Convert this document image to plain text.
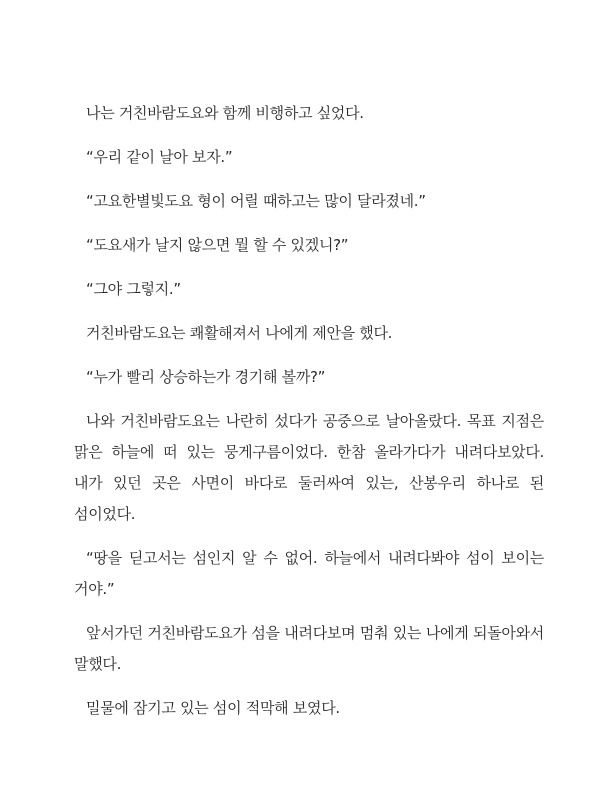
나는 거친바람도요와 함께 비행하고 싶었다.

“우리 같이 날아 보자.”

“고요한별빛도요 형이 어릴 때하고는 많이 달라졌네.”

“도요새가 날지 않으면 뭘 할 수 있겠니?”

“그야 그렇지.”

거친바람도요는 쾌활해져서 나에게 제안을 했다.

“누가 빨리 상승하는가 경기해 볼까?”

나와 거친바람도요는 나란히 섰다가 공중으로 날아올랐다. 목표 지점은 맑은 하늘에 떠 있는 뭉게구름이었다. 한참 올라가다가 내려다보았다. 내가 있던 곳은 사면이 바다로 둘러싸여 있는, 산봉우리 하나로 된 섬이었다.

“땅을 딛고서는 섬인지 알 수 없어. 하늘에서 내려다봐야 섬이 보이는 거야.”

앞서가던 거친바람도요가 섬을 내려다보며 멈춰 있는 나에게 되돌아와서 말했다.

밀물에 잠기고 있는 섬이 적막해 보였다.
